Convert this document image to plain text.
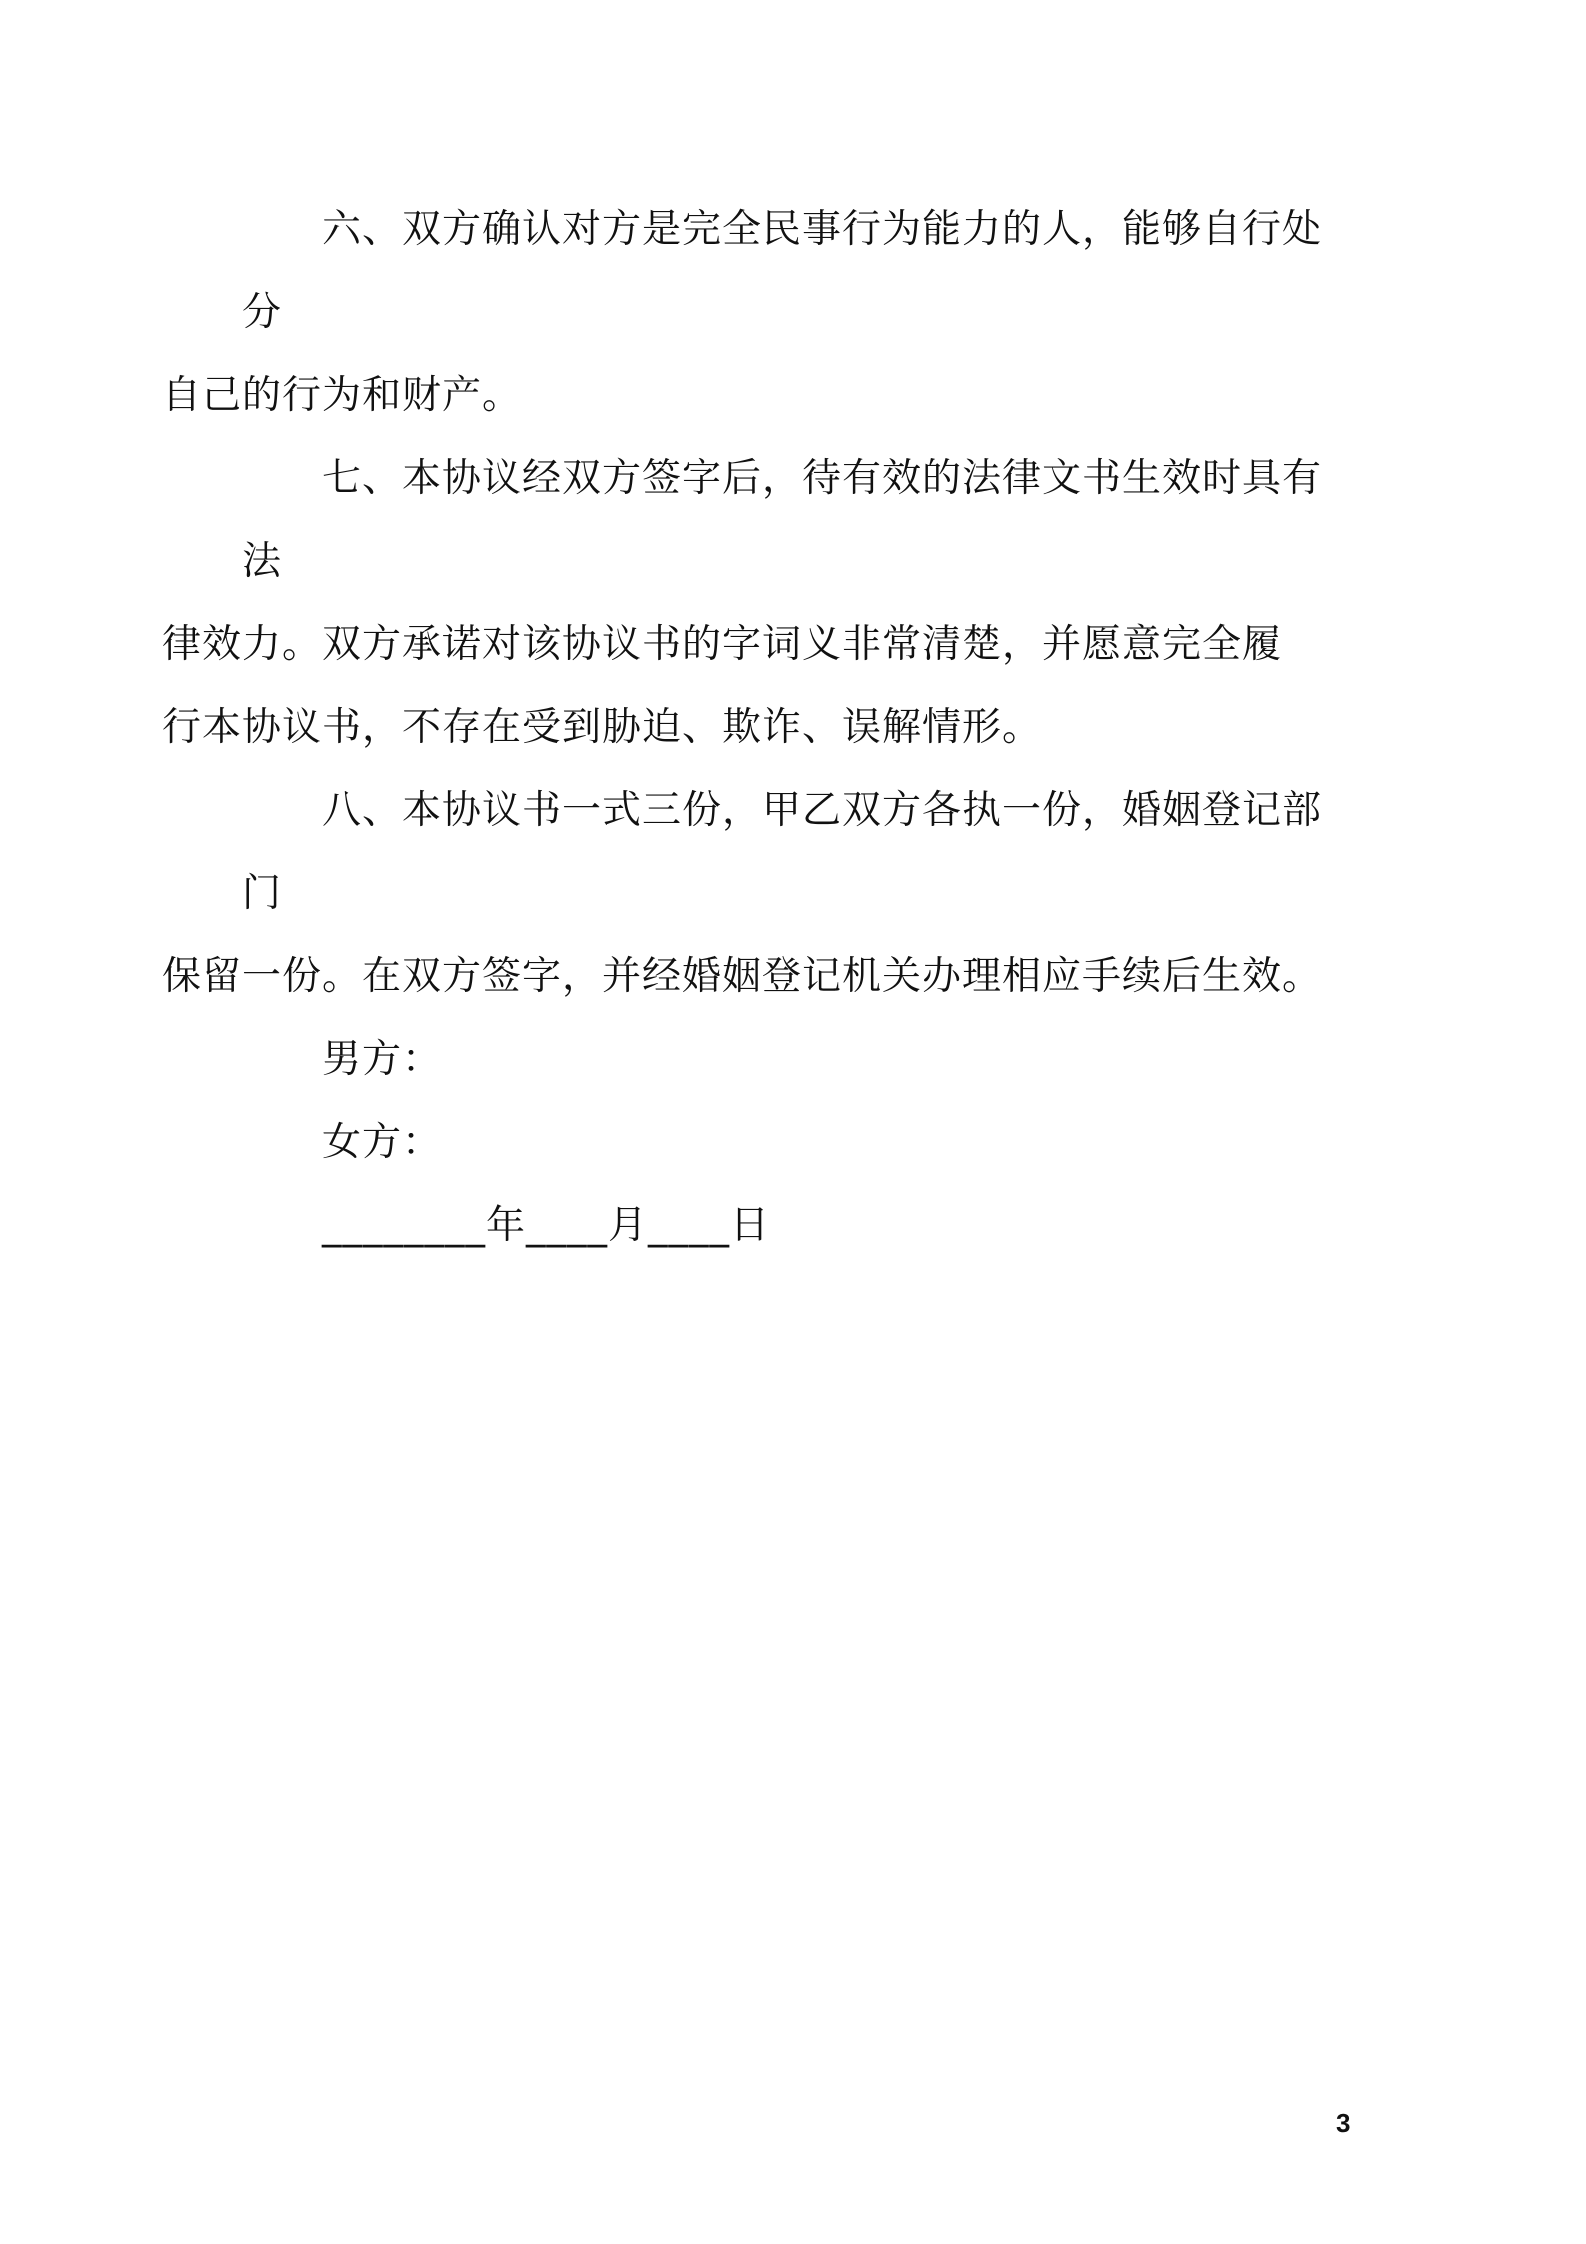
六、双方确认对方是完全民事行为能力的人，能够自行处分
自己的行为和财产。

七、本协议经双方签字后，待有效的法律文书生效时具有法
律效力。双方承诺对该协议书的字词义非常清楚，并愿意完全履
行本协议书，不存在受到胁迫、欺诈、误解情形。

八、本协议书一式三份，甲乙双方各执一份，婚姻登记部门
保留一份。在双方签字，并经婚姻登记机关办理相应手续后生效。

男方：

女方：

________年____月____日

3
